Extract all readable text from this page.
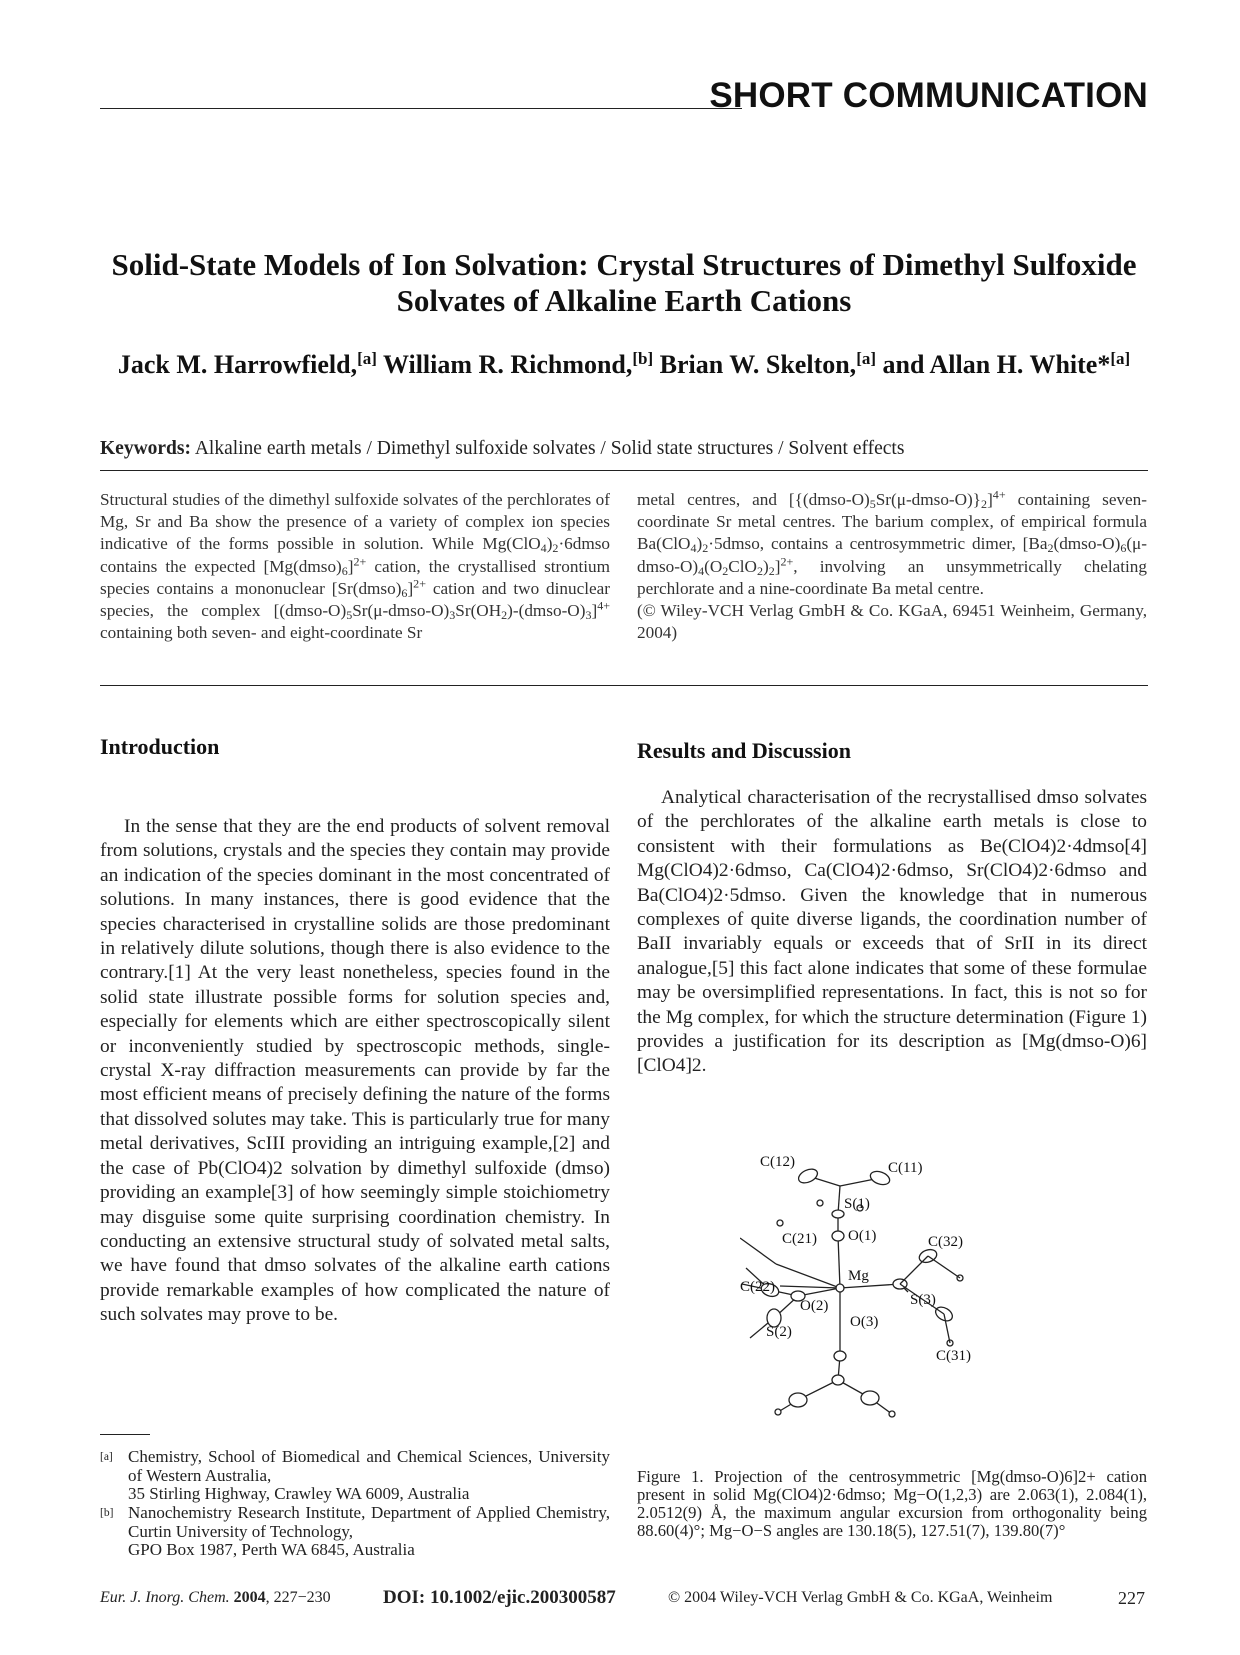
SHORT COMMUNICATION
Solid-State Models of Ion Solvation: Crystal Structures of Dimethyl Sulfoxide Solvates of Alkaline Earth Cations
Jack M. Harrowfield,[a] William R. Richmond,[b] Brian W. Skelton,[a] and Allan H. White*[a]
Keywords: Alkaline earth metals / Dimethyl sulfoxide solvates / Solid state structures / Solvent effects

Structural studies of the dimethyl sulfoxide solvates of the perchlorates of Mg, Sr and Ba show the presence of a variety of complex ion species indicative of the forms possible in solution. While $Mg(ClO_4)_2\cdot 6dmso$ contains the expected $[Mg(dmso)_6]^{2+}$ cation, the crystallised strontium species contains a mononuclear $[Sr(dmso)_6]^{2+}$ cation and two dinuclear species, the complex $[(dmso-O)_5Sr(\mu-dmso-O)_3Sr(OH_2)-(dmso-O)_3]^{4+}$ containing both seven- and eight-coordinate Sr

metal centres, and $[\{(dmso-O)_5Sr(\mu-dmso-O)\}_2]^{4+}$ containing seven-coordinate Sr metal centres. The barium complex, of empirical formula $Ba(ClO_4)_2\cdot 5dmso$, contains a centrosymmetric dimer, $[Ba_2(dmso-O)_6(\mu-dmso-O)_4(O_2ClO_2)_2]^{2+}$, involving an unsymmetrically chelating perchlorate and a nine-coordinate Ba metal centre.

(© Wiley-VCH Verlag GmbH & Co. KGaA, 69451 Weinheim, Germany, 2004)

Introduction

In the sense that they are the end products of solvent removal from solutions, crystals and the species they contain may provide an indication of the species dominant in the most concentrated of solutions. In many instances, there is good evidence that the species characterised in crystalline solids are those predominant in relatively dilute solutions, though there is also evidence to the contrary.[1] At the very least nonetheless, species found in the solid state illustrate possible forms for solution species and, especially for elements which are either spectroscopically silent or inconveniently studied by spectroscopic methods, single-crystal X-ray diffraction measurements can provide by far the most efficient means of precisely defining the nature of the forms that dissolved solutes may take. This is particularly true for many metal derivatives, ScIII providing an intriguing example,[2] and the case of Pb(ClO4)2 solvation by dimethyl sulfoxide (dmso) providing an example[3] of how seemingly simple stoichiometry may disguise some quite surprising coordination chemistry. In conducting an extensive structural study of solvated metal salts, we have found that dmso solvates of the alkaline earth cations provide remarkable examples of how complicated the nature of such solvates may prove to be.

Results and Discussion

Analytical characterisation of the recrystallised dmso solvates of the perchlorates of the alkaline earth metals is close to consistent with their formulations as Be(ClO4)2·4dmso[4] Mg(ClO4)2·6dmso, Ca(ClO4)2·6dmso, Sr(ClO4)2·6dmso and Ba(ClO4)2·5dmso. Given the knowledge that in numerous complexes of quite diverse ligands, the coordination number of BaII invariably equals or exceeds that of SrII in its direct analogue,[5] this fact alone indicates that some of these formulae may be oversimplified representations. In fact, this is not so for the Mg complex, for which the structure determination (Figure 1) provides a justification for its description as [Mg(dmso-O)6][ClO4]2.

C(12)	C(11)
S(1)
O(1)
C(21)	C(32)
Mg
C(22)
O(2)	S(3)
S(2)
O(3)
C(31)

Figure 1. Projection of the centrosymmetric [Mg(dmso-O)6]2+ cation present in solid Mg(ClO4)2·6dmso; Mg−O(1,2,3) are 2.063(1), 2.084(1), 2.0512(9) Å, the maximum angular excursion from orthogonality being 88.60(4)°; Mg−O−S angles are 130.18(5), 127.51(7), 139.80(7)°

[a] Chemistry, School of Biomedical and Chemical Sciences, University of Western Australia,
35 Stirling Highway, Crawley WA 6009, Australia
[b] Nanochemistry Research Institute, Department of Applied Chemistry, Curtin University of Technology,
GPO Box 1987, Perth WA 6845, Australia
Eur. J. Inorg. Chem. 2004, 227−230	DOI: 10.1002/ejic.200300587	© 2004 Wiley-VCH Verlag GmbH & Co. KGaA, Weinheim	227
